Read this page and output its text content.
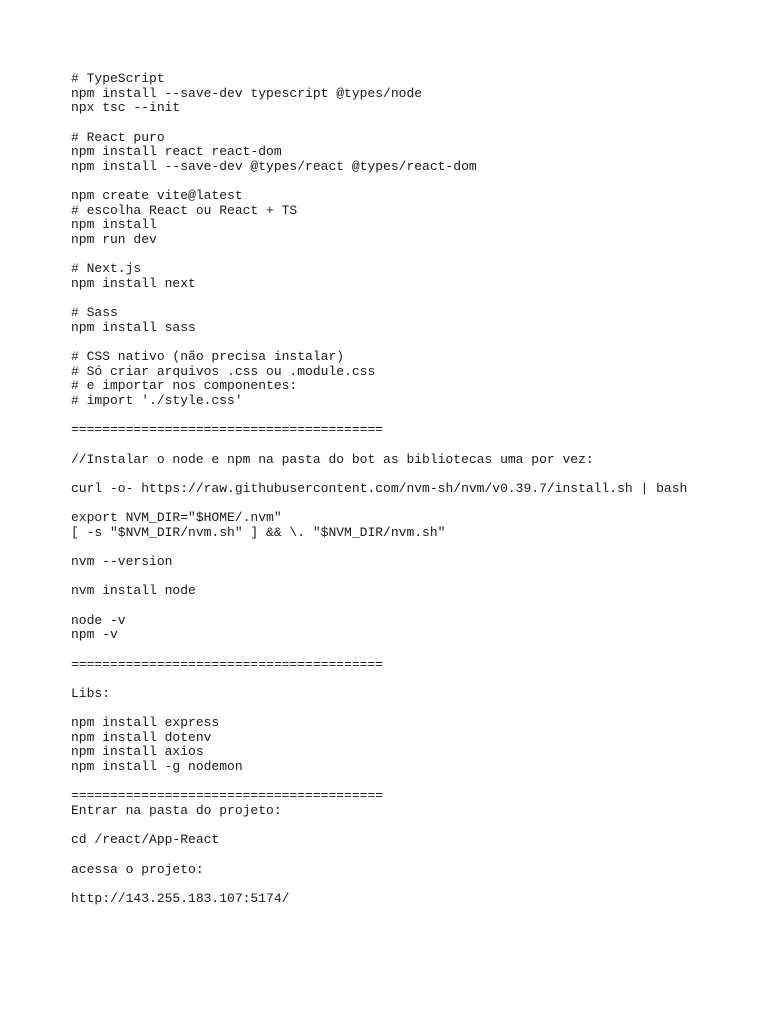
# TypeScript
npm install --save-dev typescript @types/node
npx tsc --init
# React puro
npm install react react-dom
npm install --save-dev @types/react @types/react-dom
npm create vite@latest
# escolha React ou React + TS
npm install
npm run dev
# Next.js
npm install next
# Sass
npm install sass
# CSS nativo (não precisa instalar)
# Só criar arquivos .css ou .module.css
# e importar nos componentes:
# import './style.css'
========================================
//Instalar o node e npm na pasta do bot as bibliotecas uma por vez:
curl -o- https://raw.githubusercontent.com/nvm-sh/nvm/v0.39.7/install.sh | bash
export NVM_DIR="$HOME/.nvm"
[ -s "$NVM_DIR/nvm.sh" ] && \. "$NVM_DIR/nvm.sh"
nvm --version
nvm install node
node -v
npm -v
========================================
Libs:
npm install express
npm install dotenv
npm install axios
npm install -g nodemon
========================================
Entrar na pasta do projeto:
cd /react/App-React
acessa o projeto:
http://143.255.183.107:5174/
